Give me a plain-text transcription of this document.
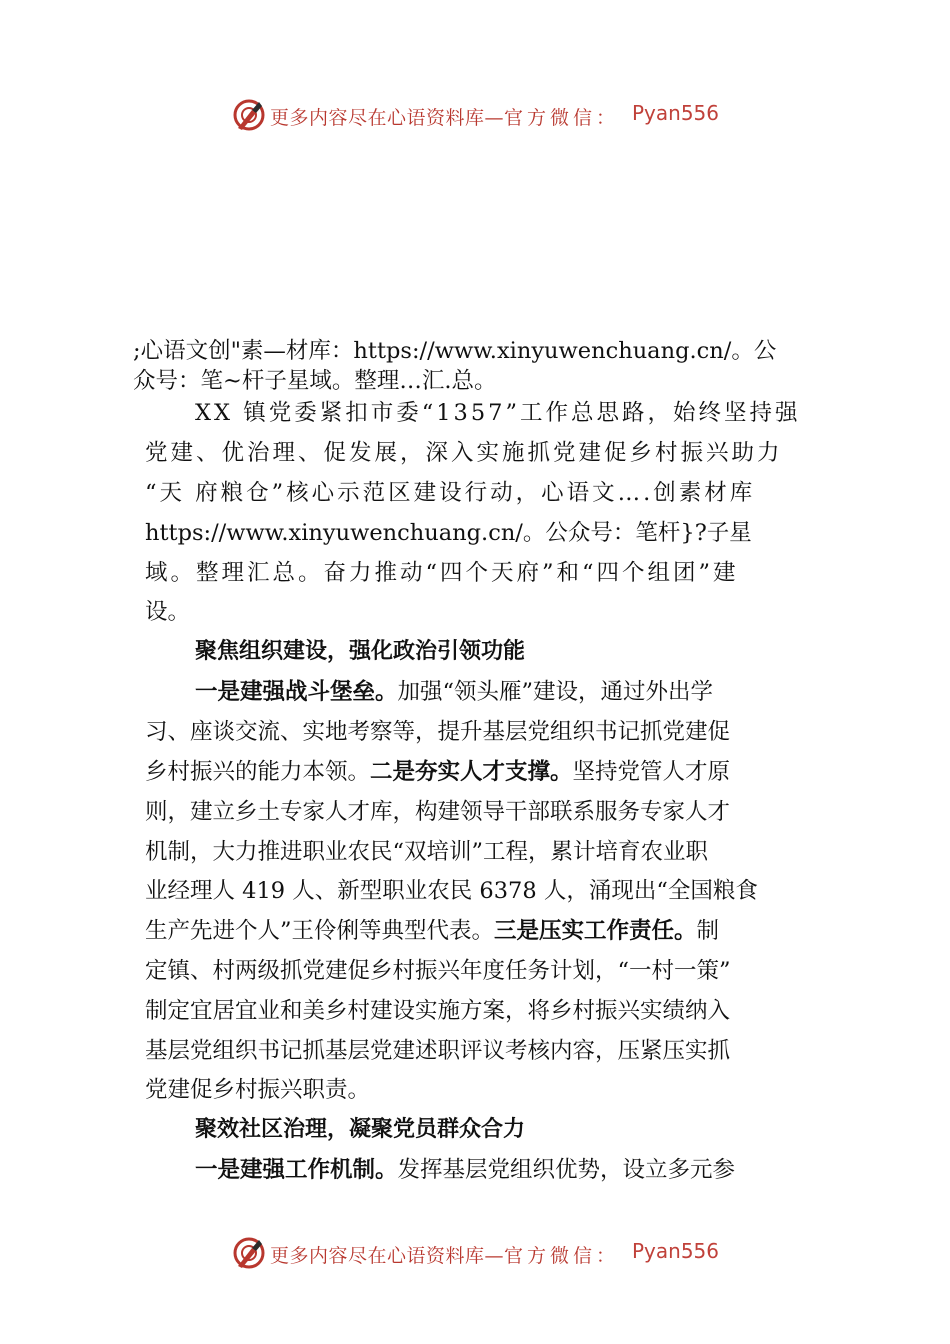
更多内容尽在心语资料库—官方微信： Pyan556
;心语文创"素—材库：https://www.xinyuwenchuang.cn/。公
众号：笔~杆子星域。整理…汇.总。
XX 镇党委紧扣市委“1357”工作总思路，始终坚持强
党建、优治理、促发展，深入实施抓党建促乡村振兴助力
“天 府粮仓”核心示范区建设行动，心语文….创素材库
https://www.xinyuwenchuang.cn/。公众号：笔杆}?子星
域。整理汇总。奋力推动“四个天府”和“四个组团”建
设。
聚焦组织建设，强化政治引领功能
一是建强战斗堡垒。加强“领头雁”建设，通过外出学
习、座谈交流、实地考察等，提升基层党组织书记抓党建促
乡村振兴的能力本领。二是夯实人才支撑。坚持党管人才原
则，建立乡土专家人才库，构建领导干部联系服务专家人才
机制，大力推进职业农民“双培训”工程，累计培育农业职
业经理人 419 人、新型职业农民 6378 人，涌现出“全国粮食
生产先进个人”王伶俐等典型代表。三是压实工作责任。制
定镇、村两级抓党建促乡村振兴年度任务计划，“一村一策”
制定宜居宜业和美乡村建设实施方案，将乡村振兴实绩纳入
基层党组织书记抓基层党建述职评议考核内容，压紧压实抓
党建促乡村振兴职责。
聚效社区治理，凝聚党员群众合力
一是建强工作机制。发挥基层党组织优势，设立多元参
更多内容尽在心语资料库—官方微信： Pyan556
